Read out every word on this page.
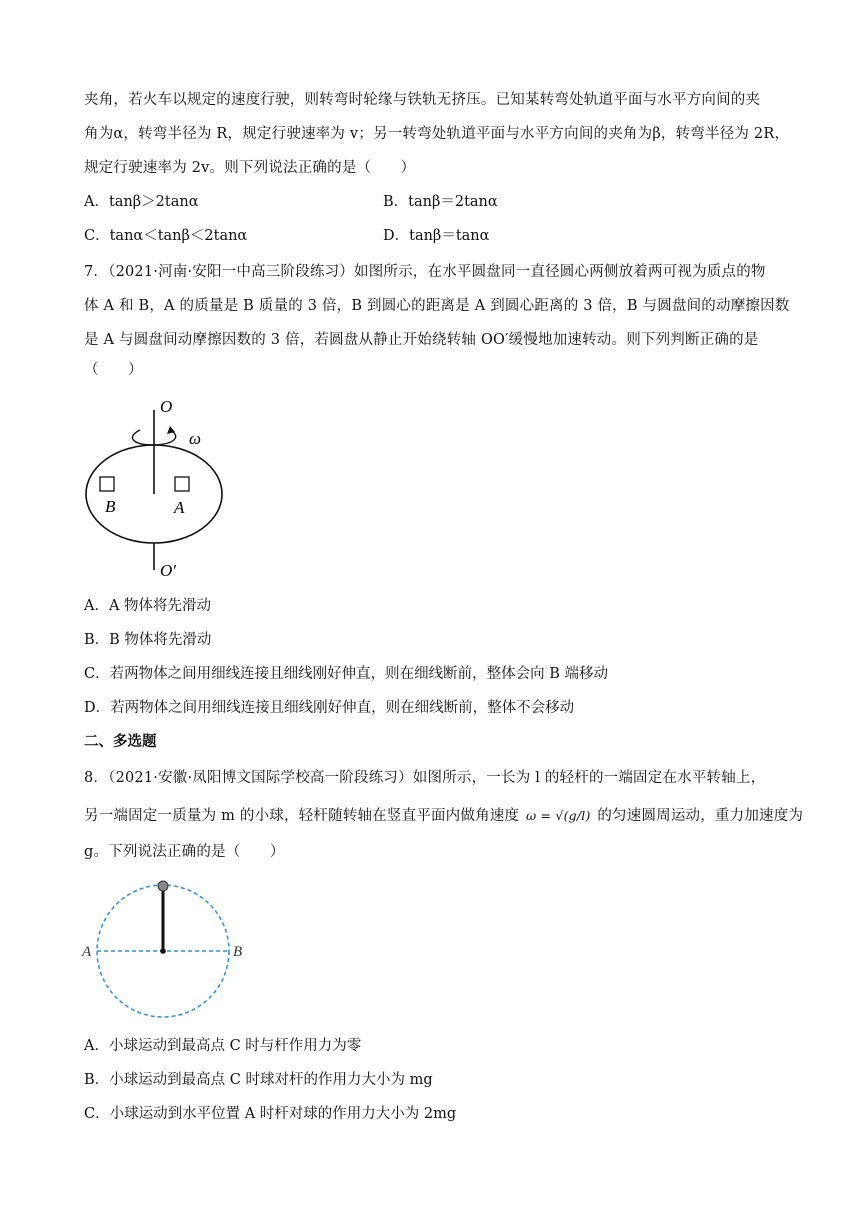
夹角，若火车以规定的速度行驶，则转弯时轮缘与铁轨无挤压。已知某转弯处轨道平面与水平方向间的夹
角为α，转弯半径为 R，规定行驶速率为 v；另一转弯处轨道平面与水平方向间的夹角为β，转弯半径为 2R，
规定行驶速率为 2v。则下列说法正确的是（　　）
A．tanβ＞2tanα	B．tanβ＝2tanα
C．tanα＜tanβ＜2tanα	D．tanβ＝tanα
7．（2021·河南·安阳一中高三阶段练习）如图所示，在水平圆盘同一直径圆心两侧放着两可视为质点的物
体 A 和 B，A 的质量是 B 质量的 3 倍，B 到圆心的距离是 A 到圆心距离的 3 倍，B 与圆盘间的动摩擦因数
是 A 与圆盘间动摩擦因数的 3 倍，若圆盘从静止开始绕转轴 OO′缓慢地加速转动。则下列判断正确的是
（　　）
O
ω
B	A
O′
A．A 物体将先滑动
B．B 物体将先滑动
C．若两物体之间用细线连接且细线刚好伸直，则在细线断前，整体会向 B 端移动
D．若两物体之间用细线连接且细线刚好伸直，则在细线断前，整体不会移动
二、多选题
8．（2021·安徽·凤阳博文国际学校高一阶段练习）如图所示，一长为 l 的轻杆的一端固定在水平转轴上，
另一端固定一质量为 m 的小球，轻杆随转轴在竖直平面内做角速度 ω = √(g/l) 的匀速圆周运动，重力加速度为
g。下列说法正确的是（　　）
A	B
A．小球运动到最高点 C 时与杆作用力为零
B．小球运动到最高点 C 时球对杆的作用力大小为 mg
C．小球运动到水平位置 A 时杆对球的作用力大小为 2mg
